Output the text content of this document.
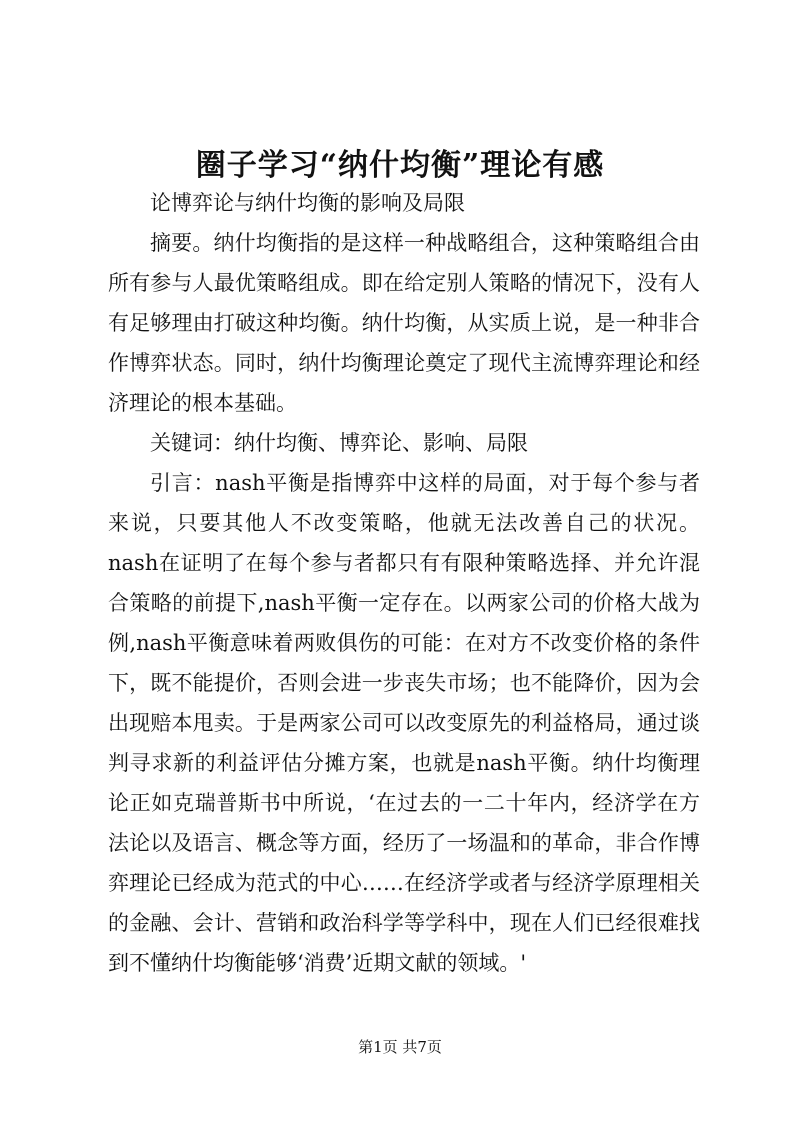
圈子学习“纳什均衡”理论有感

论博弈论与纳什均衡的影响及局限

摘要。纳什均衡指的是这样一种战略组合，这种策略组合由所有参与人最优策略组成。即在给定别人策略的情况下，没有人有足够理由打破这种均衡。纳什均衡，从实质上说，是一种非合作博弈状态。同时，纳什均衡理论奠定了现代主流博弈理论和经济理论的根本基础。

关键词：纳什均衡、博弈论、影响、局限

引言：nash平衡是指博弈中这样的局面，对于每个参与者来说，只要其他人不改变策略，他就无法改善自己的状况。nash在证明了在每个参与者都只有有限种策略选择、并允许混合策略的前提下,nash平衡一定存在。以两家公司的价格大战为例,nash平衡意味着两败俱伤的可能：在对方不改变价格的条件下，既不能提价，否则会进一步丧失市场；也不能降价，因为会出现赔本甩卖。于是两家公司可以改变原先的利益格局，通过谈判寻求新的利益评估分摊方案，也就是nash平衡。纳什均衡理论正如克瑞普斯书中所说，‘在过去的一二十年内，经济学在方法论以及语言、概念等方面，经历了一场温和的革命，非合作博弈理论已经成为范式的中心……在经济学或者与经济学原理相关的金融、会计、营销和政治科学等学科中，现在人们已经很难找到不懂纳什均衡能够‘消费’近期文献的领域。'

第1页 共7页
